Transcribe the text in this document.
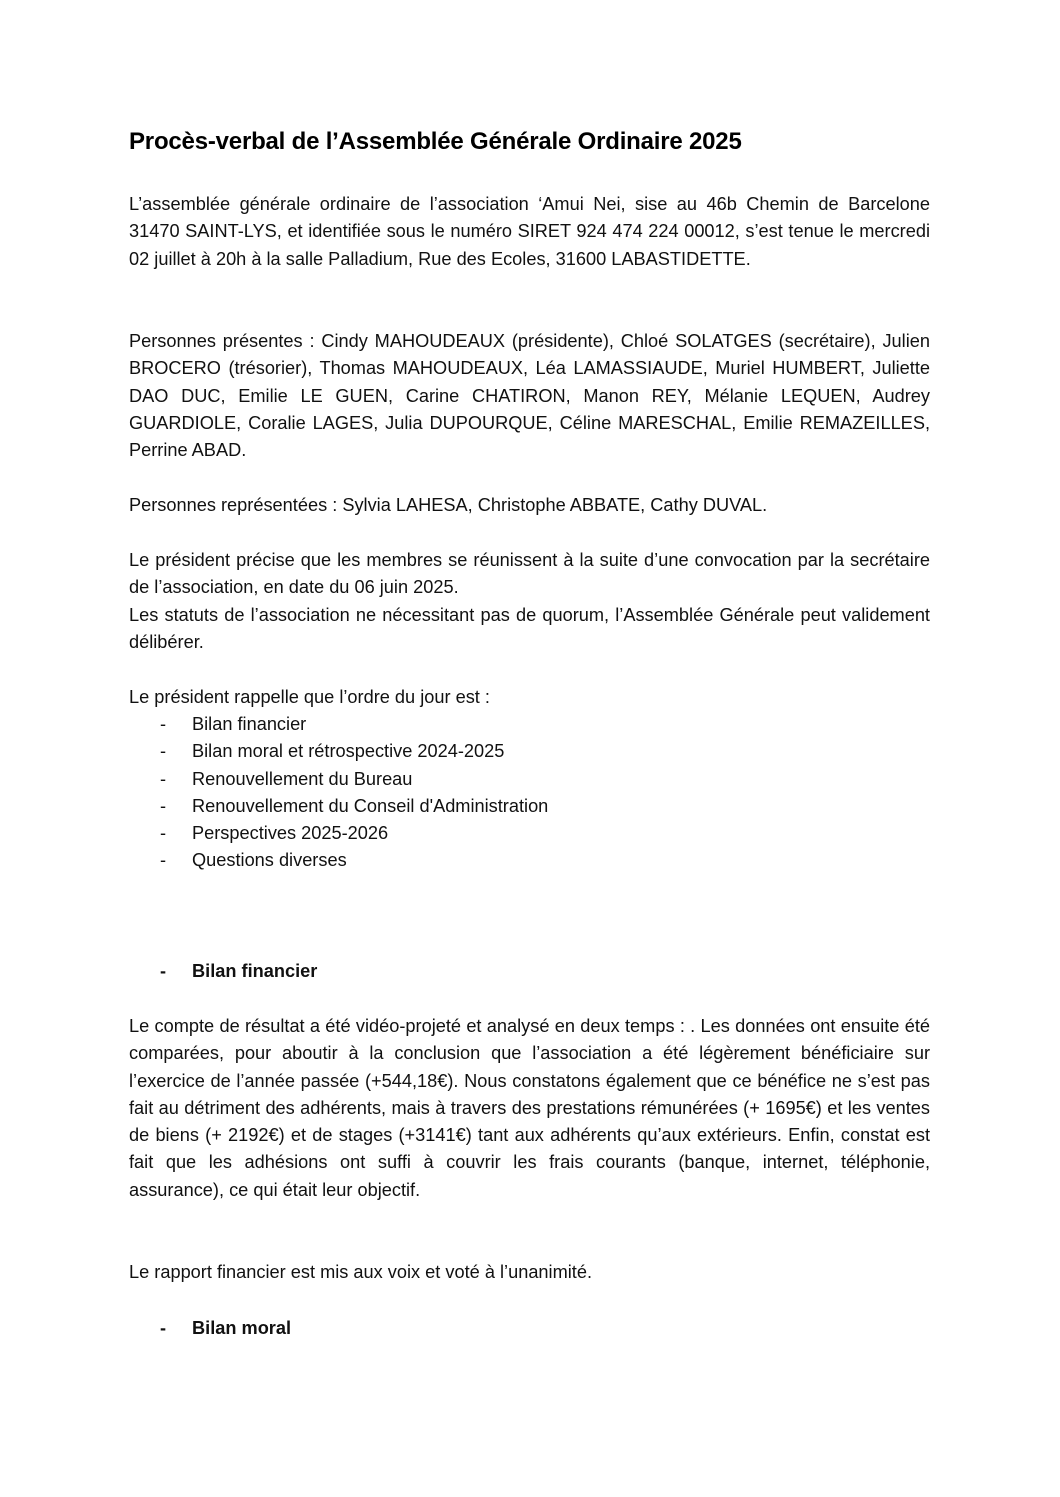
Procès-verbal de l’Assemblée Générale Ordinaire 2025

L’assemblée générale ordinaire de l’association ‘Amui Nei, sise au 46b Chemin de Barcelone 31470 SAINT-LYS, et identifiée sous le numéro SIRET 924 474 224 00012, s’est tenue le mercredi 02 juillet à 20h à la salle Palladium, Rue des Ecoles, 31600 LABASTIDETTE.

Personnes présentes : Cindy MAHOUDEAUX (présidente), Chloé SOLATGES (secrétaire), Julien BROCERO (trésorier), Thomas MAHOUDEAUX, Léa LAMASSIAUDE, Muriel HUMBERT, Juliette DAO DUC, Emilie LE GUEN, Carine CHATIRON, Manon REY, Mélanie LEQUEN, Audrey GUARDIOLE, Coralie LAGES, Julia DUPOURQUE, Céline MARESCHAL, Emilie REMAZEILLES, Perrine ABAD.

Personnes représentées : Sylvia LAHESA, Christophe ABBATE, Cathy DUVAL.

Le président précise que les membres se réunissent à la suite d’une convocation par la secrétaire de l’association, en date du 06 juin 2025.

Les statuts de l’association ne nécessitant pas de quorum, l’Assemblée Générale peut validement délibérer.

Le président rappelle que l’ordre du jour est :

- Bilan financier
- Bilan moral et rétrospective 2024-2025
- Renouvellement du Bureau
- Renouvellement du Conseil d'Administration
- Perspectives 2025-2026
- Questions diverses
- Bilan financier

Le compte de résultat a été vidéo-projeté et analysé en deux temps : . Les données ont ensuite été comparées, pour aboutir à la conclusion que l’association a été légèrement bénéficiaire sur l’exercice de l’année passée (+544,18€). Nous constatons également que ce bénéfice ne s’est pas fait au détriment des adhérents, mais à travers des prestations rémunérées (+ 1695€) et les ventes de biens (+ 2192€) et de stages (+3141€) tant aux adhérents qu’aux extérieurs. Enfin, constat est fait que les adhésions ont suffi à couvrir les frais courants (banque, internet, téléphonie, assurance), ce qui était leur objectif.

Le rapport financier est mis aux voix et voté à l’unanimité.

- Bilan moral
